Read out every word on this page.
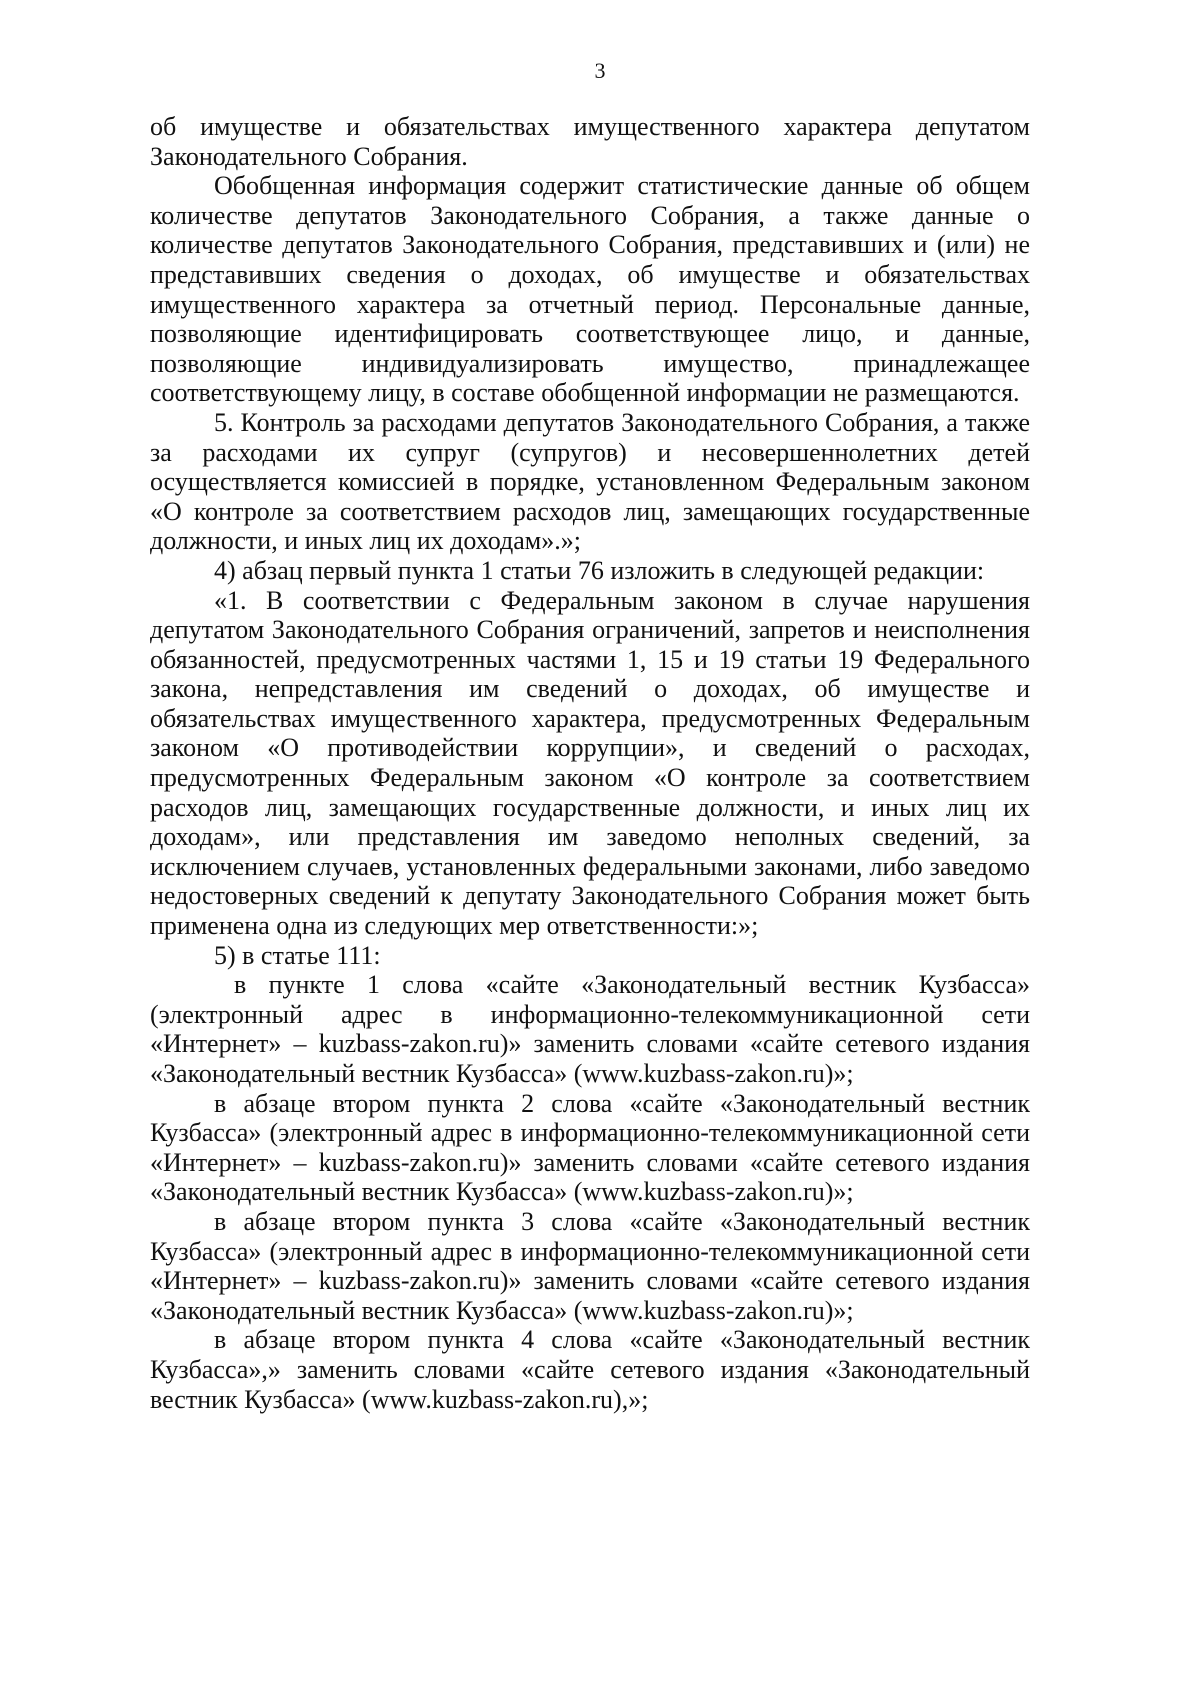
3

об имуществе и обязательствах имущественного характера депутатом Законодательного Собрания.

Обобщенная информация содержит статистические данные об общем количестве депутатов Законодательного Собрания, а также данные о количестве депутатов Законодательного Собрания, представивших и (или) не представивших сведения о доходах, об имуществе и обязательствах имущественного характера за отчетный период. Персональные данные, позволяющие идентифицировать соответствующее лицо, и данные, позволяющие индивидуализировать имущество, принадлежащее соответствующему лицу, в составе обобщенной информации не размещаются.

5. Контроль за расходами депутатов Законодательного Собрания, а также за расходами их супруг (супругов) и несовершеннолетних детей осуществляется комиссией в порядке, установленном Федеральным законом «О контроле за соответствием расходов лиц, замещающих государственные должности, и иных лиц их доходам».»;

4) абзац первый пункта 1 статьи 76 изложить в следующей редакции:

«1. В соответствии с Федеральным законом в случае нарушения депутатом Законодательного Собрания ограничений, запретов и неисполнения обязанностей, предусмотренных частями 1, 15 и 19 статьи 19 Федерального закона, непредставления им сведений о доходах, об имуществе и обязательствах имущественного характера, предусмотренных Федеральным законом «О противодействии коррупции», и сведений о расходах, предусмотренных Федеральным законом «О контроле за соответствием расходов лиц, замещающих государственные должности, и иных лиц их доходам», или представления им заведомо неполных сведений, за исключением случаев, установленных федеральными законами, либо заведомо недостоверных сведений к депутату Законодательного Собрания может быть применена одна из следующих мер ответственности:»;

5) в статье 111:

в пункте 1 слова «сайте «Законодательный вестник Кузбасса» (электронный адрес в информационно-телекоммуникационной сети «Интернет» – kuzbass-zakon.ru)» заменить словами «сайте сетевого издания «Законодательный вестник Кузбасса» (www.kuzbass-zakon.ru)»;

в абзаце втором пункта 2 слова «сайте «Законодательный вестник Кузбасса» (электронный адрес в информационно-телекоммуникационной сети «Интернет» – kuzbass-zakon.ru)» заменить словами «сайте сетевого издания «Законодательный вестник Кузбасса» (www.kuzbass-zakon.ru)»;

в абзаце втором пункта 3 слова «сайте «Законодательный вестник Кузбасса» (электронный адрес в информационно-телекоммуникационной сети «Интернет» – kuzbass-zakon.ru)» заменить словами «сайте сетевого издания «Законодательный вестник Кузбасса» (www.kuzbass-zakon.ru)»;

в абзаце втором пункта 4 слова «сайте «Законодательный вестник Кузбасса»,» заменить словами «сайте сетевого издания «Законодательный вестник Кузбасса» (www.kuzbass-zakon.ru),»;
